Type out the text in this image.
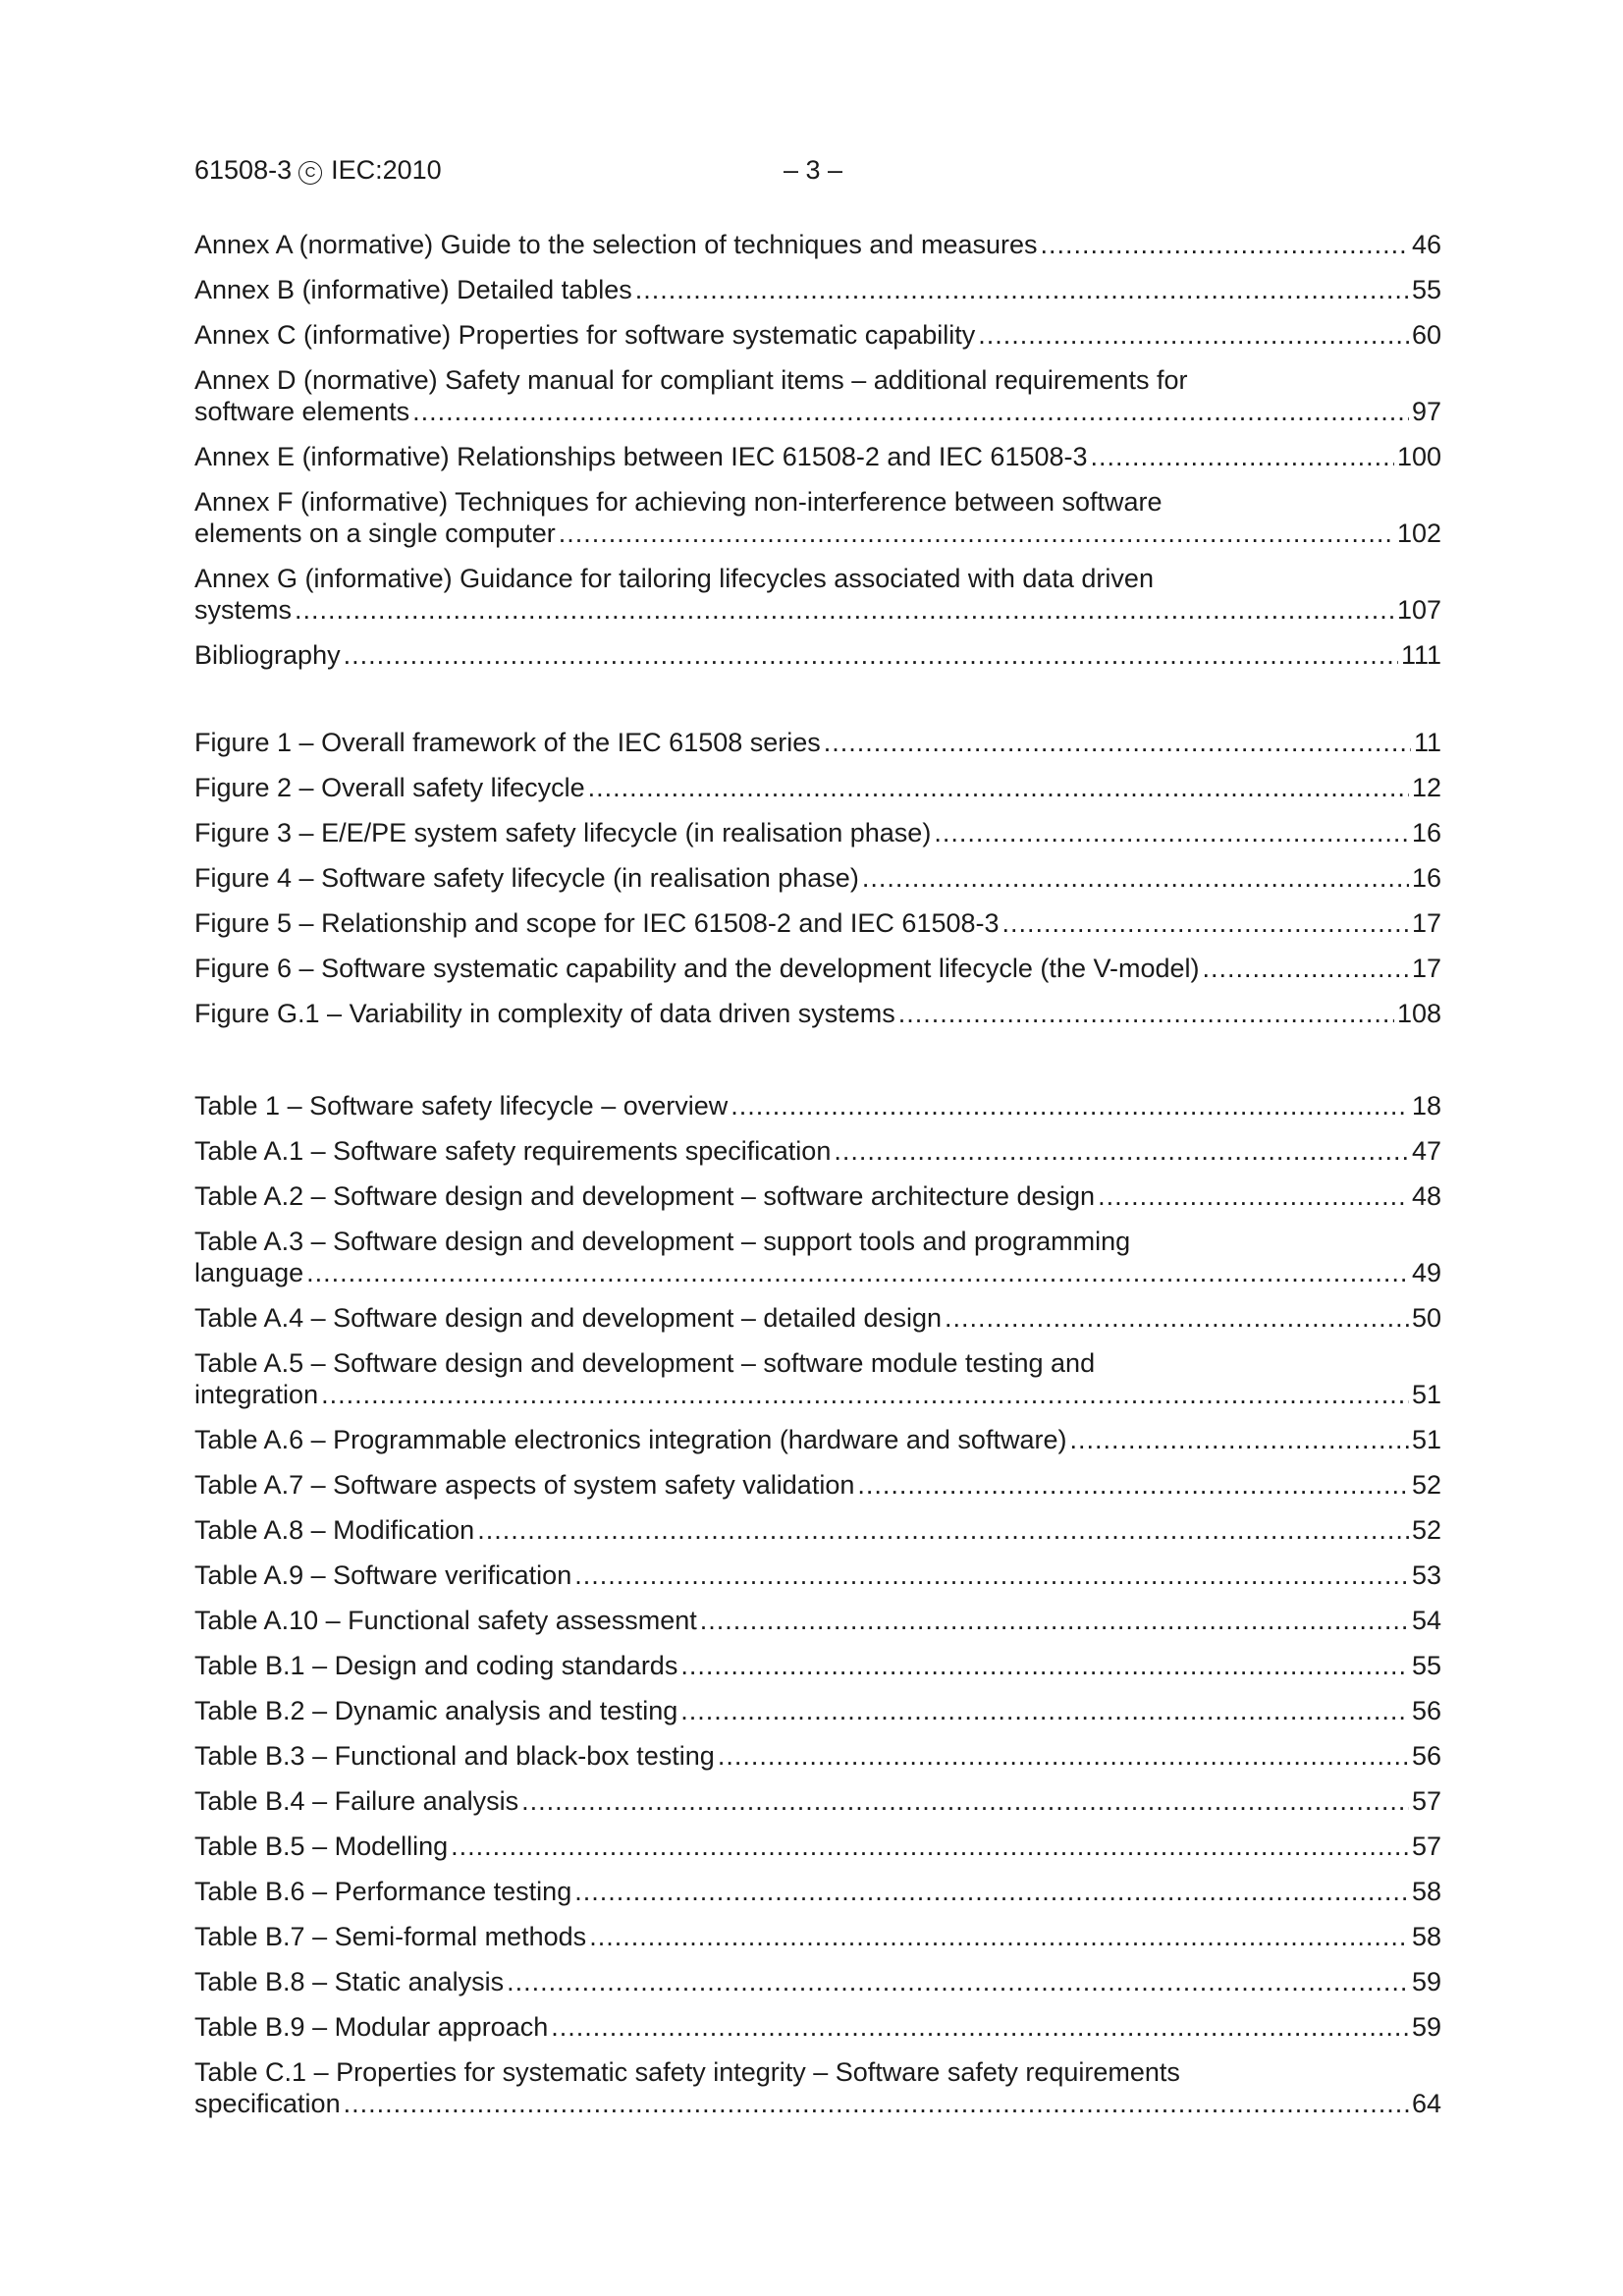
61508-3 C IEC:2010	– 3 –
Annex A (normative) Guide to the selection of techniques and measures .....	46
Annex B (informative) Detailed tables .....	55
Annex C (informative) Properties for software systematic capability .....	60
Annex D (normative) Safety manual for compliant items – additional requirements for
software elements .....	97
Annex E (informative) Relationships between IEC 61508-2 and IEC 61508-3 .....	100
Annex F (informative) Techniques for achieving non-interference between software
elements on a single computer .....	102
Annex G (informative) Guidance for tailoring lifecycles associated with data driven
systems .....	107
Bibliography .....	111
Figure 1 – Overall framework of the IEC 61508 series .....	11
Figure 2 – Overall safety lifecycle .....	12
Figure 3 – E/E/PE system safety lifecycle (in realisation phase) .....	16
Figure 4 – Software safety lifecycle (in realisation phase) .....	16
Figure 5 – Relationship and scope for IEC 61508-2 and IEC 61508-3 .....	17
Figure 6 – Software systematic capability and the development lifecycle (the V-model) .....	17
Figure G.1 – Variability in complexity of data driven systems .....	108
Table 1 – Software safety lifecycle – overview .....	18
Table A.1 – Software safety requirements specification .....	47
Table A.2 – Software design and development – software architecture design .....	48
Table A.3 – Software design and development – support tools and programming
language .....	49
Table A.4 – Software design and development – detailed design .....	50
Table A.5 – Software design and development – software module testing and
integration .....	51
Table A.6 – Programmable electronics integration (hardware and software) .....	51
Table A.7 – Software aspects of system safety validation .....	52
Table A.8 – Modification .....	52
Table A.9 – Software verification .....	53
Table A.10 – Functional safety assessment .....	54
Table B.1 – Design and coding standards .....	55
Table B.2 – Dynamic analysis and testing .....	56
Table B.3 – Functional and black-box testing .....	56
Table B.4 – Failure analysis .....	57
Table B.5 – Modelling .....	57
Table B.6 – Performance testing .....	58
Table B.7 – Semi-formal methods .....	58
Table B.8 – Static analysis .....	59
Table B.9 – Modular approach .....	59
Table C.1 – Properties for systematic safety integrity – Software safety requirements
specification .....	64
